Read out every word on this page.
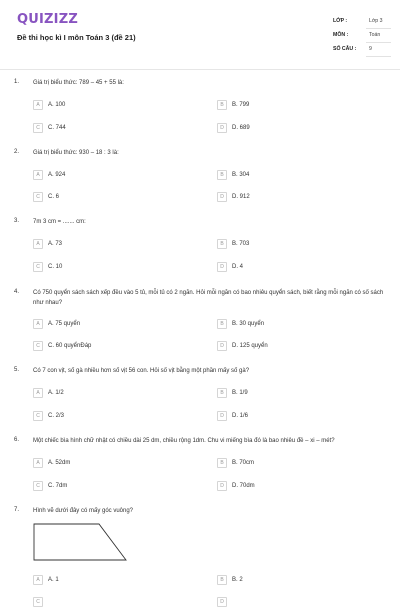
QUIZIZZ
Đề thi học kì I môn Toán 3 (đề 21)
LỚP :	Lớp 3
MÔN :	Toán
SỐ CÂU : 9
1. Giá trị biểu thức: 789 – 45 + 55 là:
A	A. 100	B	B. 799
C	C. 744	D	D. 689
2. Giá trị biểu thức: 930 – 18 : 3 là:
A	A. 924	B	B. 304
C	C. 6	D	D. 912
3. 7m 3 cm = ....... cm:
A	A. 73	B	B. 703
C	C. 10	D	D. 4
4. Có 750 quyển sách sách xếp đều vào 5 tủ, mỗi tủ có 2 ngăn. Hỏi mỗi ngăn có bao nhiêu quyển sách, biết rằng mỗi ngăn có số sách như nhau?
A	A. 75 quyển	B	B. 30 quyển
C	C. 60 quyểnĐáp	D	D. 125 quyển
5. Có 7 con vịt, số gà nhiều hơn số vịt 56 con. Hỏi số vịt bằng một phần mấy số gà?
A	A. 1/2	B	B. 1/9
C	C. 2/3	D	D. 1/6
6. Một chiếc bìa hình chữ nhật có chiều dài 25 dm, chiều rộng 1dm. Chu vi miếng bìa đó là bao nhiêu đề – xi – mét?
A	A. 52dm	B	B. 70cm
C	C. 7dm	D	D. 70dm
7. Hình vẽ dưới đây có mấy góc vuông?
A	A. 1	B	B. 2
C	D
